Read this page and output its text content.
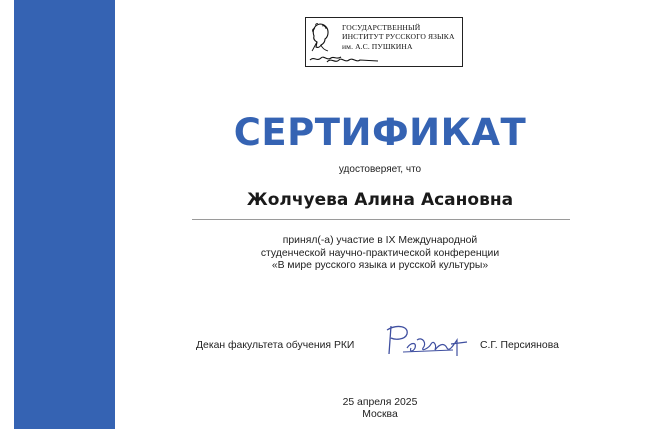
ГОСУДАРСТВЕННЫЙ
ИНСТИТУТ РУССКОГО ЯЗЫКА
им. А.С. ПУШКИНА
СЕРТИФИКАТ
удостоверяет, что
Жолчуева Алина Асановна
принял(-а) участие в IX Международной
студенческой научно-практической конференции
«В мире русского языка и русской культуры»
Декан факультета обучения РКИ	С.Г. Персиянова
25 апреля 2025
Москва
